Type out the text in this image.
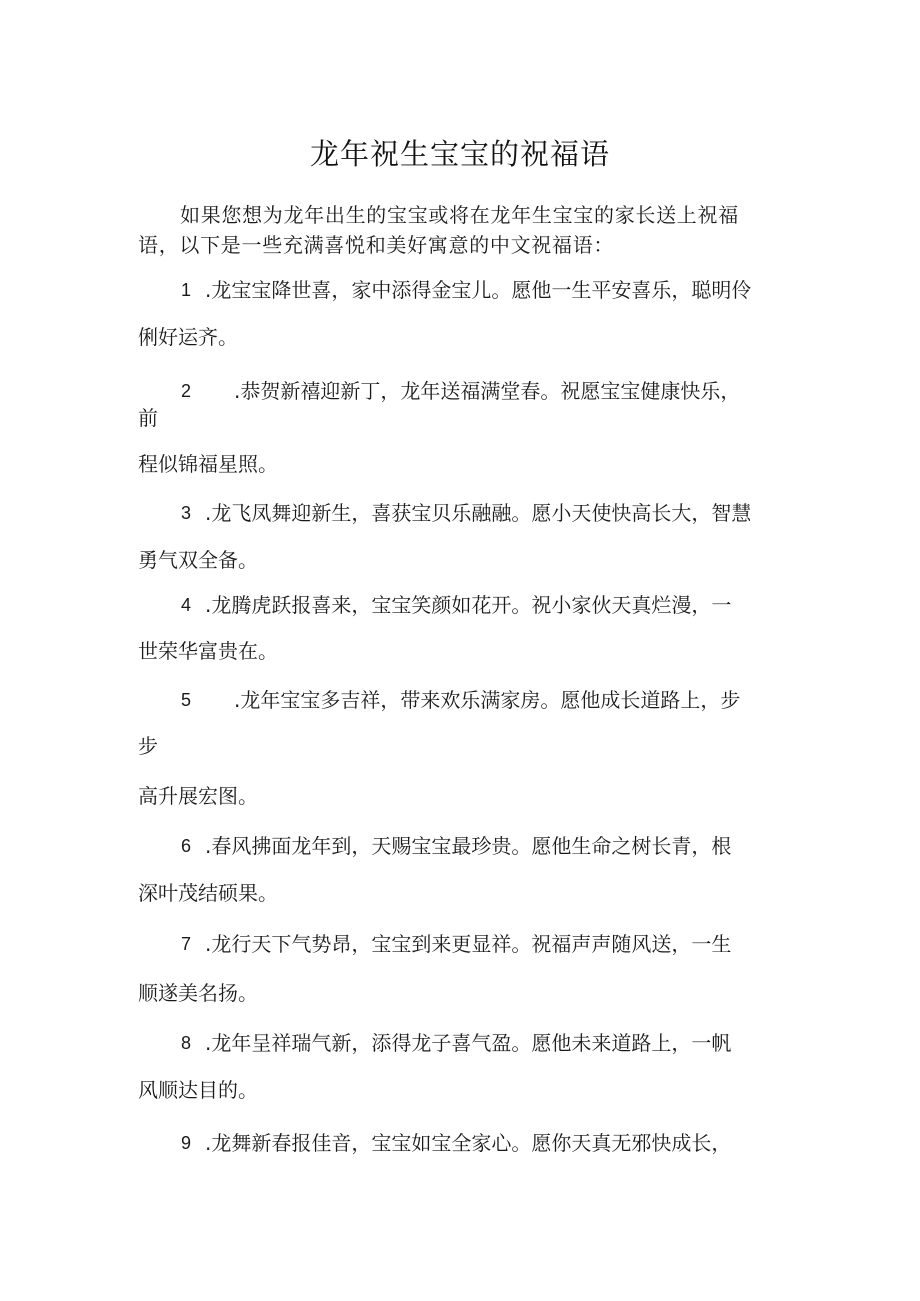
龙年祝生宝宝的祝福语
如果您想为龙年出生的宝宝或将在龙年生宝宝的家长送上祝福
语，以下是一些充满喜悦和美好寓意的中文祝福语：
1 .龙宝宝降世喜，家中添得金宝儿。愿他一生平安喜乐，聪明伶
俐好运齐。
2 .恭贺新禧迎新丁，龙年送福满堂春。祝愿宝宝健康快乐，
前
程似锦福星照。
3 .龙飞凤舞迎新生，喜获宝贝乐融融。愿小天使快高长大，智慧
勇气双全备。
4 .龙腾虎跃报喜来，宝宝笑颜如花开。祝小家伙天真烂漫，一
世荣华富贵在。
5 .龙年宝宝多吉祥，带来欢乐满家房。愿他成长道路上，步
步
高升展宏图。
6 .春风拂面龙年到，天赐宝宝最珍贵。愿他生命之树长青，根
深叶茂结硕果。
7 .龙行天下气势昂，宝宝到来更显祥。祝福声声随风送，一生
顺遂美名扬。
8 .龙年呈祥瑞气新，添得龙子喜气盈。愿他未来道路上，一帆
风顺达目的。
9 .龙舞新春报佳音，宝宝如宝全家心。愿你天真无邪快成长，
